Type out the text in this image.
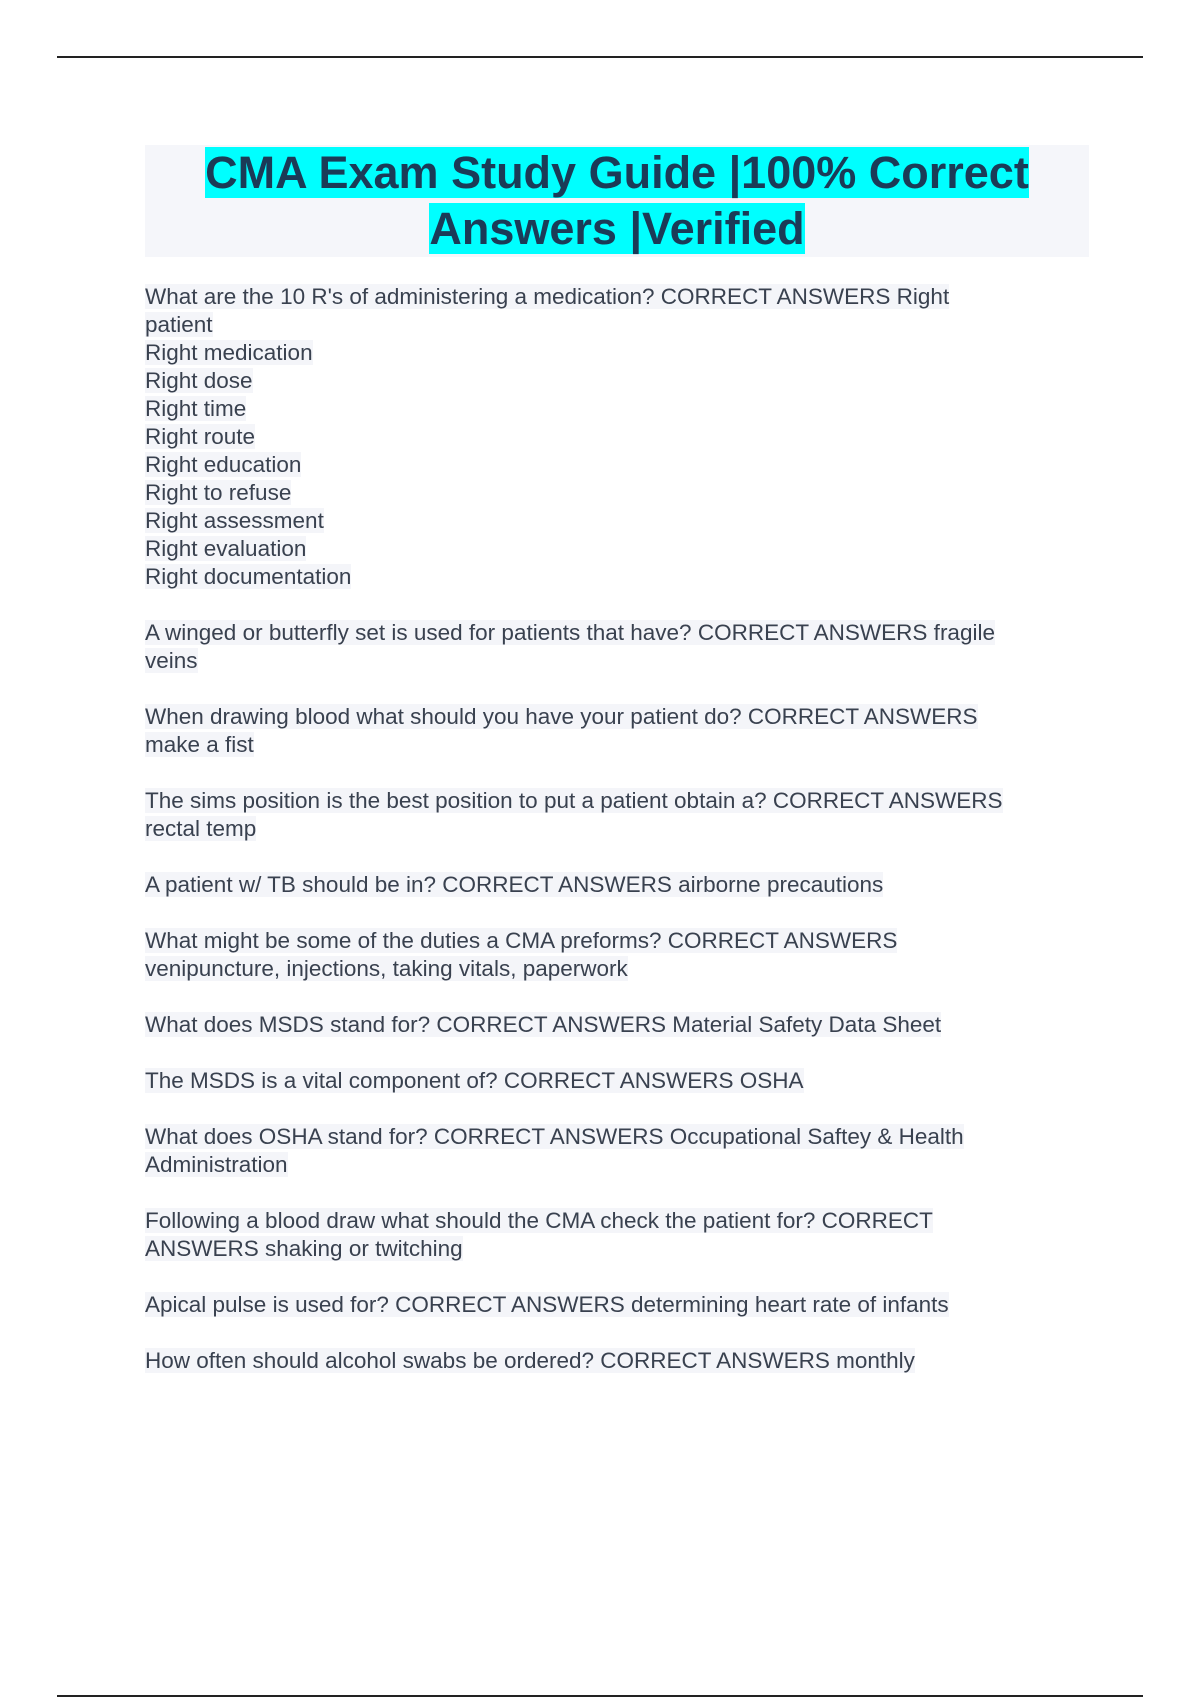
CMA Exam Study Guide |100% Correct
Answers |Verified
What are the 10 R's of administering a medication? CORRECT ANSWERS Right
patient
Right medication
Right dose
Right time
Right route
Right education
Right to refuse
Right assessment
Right evaluation
Right documentation
A winged or butterfly set is used for patients that have? CORRECT ANSWERS fragile
veins
When drawing blood what should you have your patient do? CORRECT ANSWERS
make a fist
The sims position is the best position to put a patient obtain a? CORRECT ANSWERS
rectal temp
A patient w/ TB should be in? CORRECT ANSWERS airborne precautions
What might be some of the duties a CMA preforms? CORRECT ANSWERS
venipuncture, injections, taking vitals, paperwork
What does MSDS stand for? CORRECT ANSWERS Material Safety Data Sheet
The MSDS is a vital component of? CORRECT ANSWERS OSHA
What does OSHA stand for? CORRECT ANSWERS Occupational Saftey & Health
Administration
Following a blood draw what should the CMA check the patient for? CORRECT
ANSWERS shaking or twitching
Apical pulse is used for? CORRECT ANSWERS determining heart rate of infants
How often should alcohol swabs be ordered? CORRECT ANSWERS monthly
